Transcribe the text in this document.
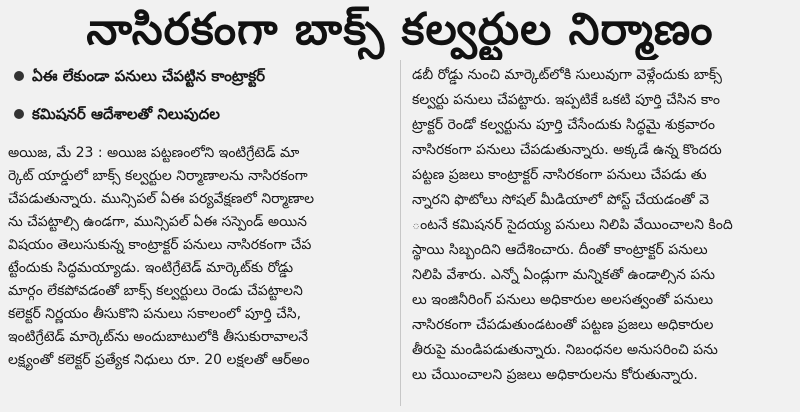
నాసిరకంగా బాక్స్ కల్వర్టుల నిర్మాణం
ఏఈ లేకుండా పనులు చేపట్టిన కాంట్రాక్టర్
కమిషనర్ ఆదేశాలతో నిలుపుదల
అయిజ, మే 23 : అయిజ పట్టణంలోని ఇంటిగ్రేటెడ్ మా
ర్కెట్ యార్డులో బాక్స్ కల్వర్టుల నిర్మాణాలను నాసిరకంగా
చేపడుతున్నారు. మున్సిపల్ ఏఈ పర్యవేక్షణలో నిర్మాణాల
ను చేపట్టాల్సి ఉండగా, మున్సిపల్ ఏఈ సస్పెండ్ అయిన
విషయం తెలుసుకున్న కాంట్రాక్టర్ పనులు నాసిరకంగా చేప
ట్టేందుకు సిద్ధమయ్యాడు. ఇంటిగ్రేటెడ్ మార్కెట్‌కు రోడ్డు
మార్గం లేకపోవడంతో బాక్స్ కల్వర్టులు రెండు చేపట్టాలని
కలెక్టర్ నిర్ణయం తీసుకొని పనులు సకాలంలో పూర్తి చేసి,
ఇంటిగ్రేటెడ్ మార్కెట్‌ను అందుబాటులోకి తీసుకురావాలనే
లక్ష్యంతో కలెక్టర్ ప్రత్యేక నిధులు రూ. 20 లక్షలతో ఆర్అం
డబీ రోడ్డు నుంచి మార్కెట్‌లోకి సులువుగా వెళ్లేందుకు బాక్స్
కల్వర్టు పనులు చేపట్టారు. ఇప్పటికే ఒకటి పూర్తి చేసిన కాం
ట్రాక్టర్ రెండో కల్వర్టును పూర్తి చేసేందుకు సిద్ధమై శుక్రవారం
నాసిరకంగా పనులు చేపడుతున్నారు. అక్కడే ఉన్న కొందరు
పట్టణ ప్రజలు కాంట్రాక్టర్ నాసిరకంగా పనులు చేపడు తు
న్నారని ఫొటోలు సోషల్ మీడియాలో పోస్ట్ చేయడంతో వె
ంటనే కమిషనర్ సైదయ్య పనులు నిలిపి వేయించాలని కింది
స్థాయి సిబ్బందిని ఆదేశించారు. దీంతో కాంట్రాక్టర్ పనులు
నిలిపి వేశారు. ఎన్నో ఏండ్లుగా మన్నికతో ఉండాల్సిన పను
లు ఇంజినీరింగ్ పనులు అధికారుల అలసత్వంతో పనులు
నాసిరకంగా చేపడుతుండటంతో పట్టణ ప్రజలు అధికారుల
తీరుపై మండిపడుతున్నారు. నిబంధనల అనుసరించి పను
లు చేయించాలని ప్రజలు అధికారులను కోరుతున్నారు.
